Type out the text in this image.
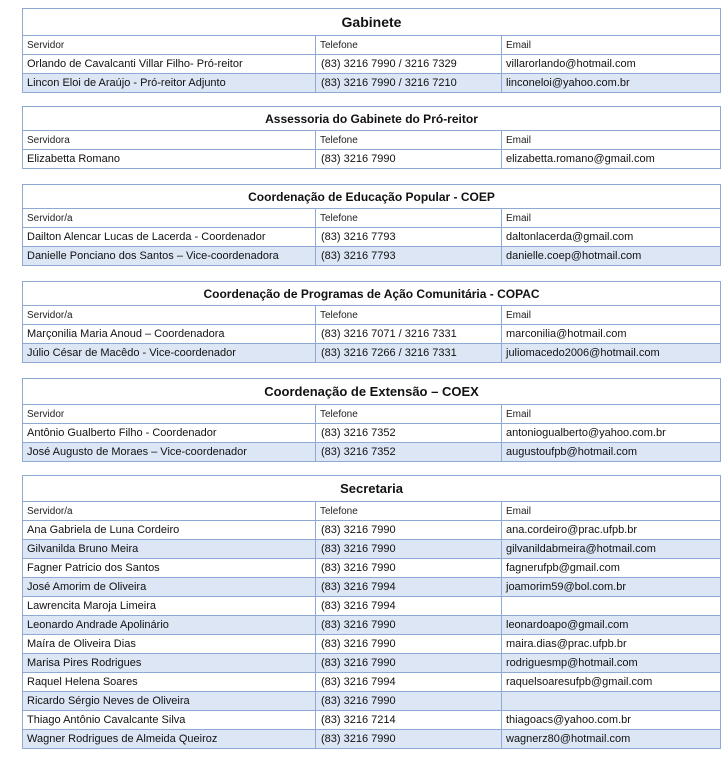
Gabinete		
Servidor	Telefone	Email
Orlando de Cavalcanti Villar Filho- Pró-reitor	(83) 3216 7990 / 3216 7329	villarorlando@hotmail.com
Lincon Eloi de Araújo - Pró-reitor Adjunto	(83) 3216 7990 / 3216 7210	linconeloi@yahoo.com.br
Assessoria do Gabinete do Pró-reitor		
Servidora	Telefone	Email
Elizabetta Romano	(83) 3216 7990	elizabetta.romano@gmail.com
Coordenação de Educação Popular - COEP		
Servidor/a	Telefone	Email
Dailton Alencar Lucas de Lacerda - Coordenador	(83) 3216 7793	daltonlacerda@gmail.com
Danielle Ponciano dos Santos – Vice-coordenadora	(83) 3216 7793	danielle.coep@hotmail.com
Coordenação de Programas de Ação Comunitária - COPAC		
Servidor/a	Telefone	Email
Marçonilia Maria Anoud – Coordenadora	(83) 3216 7071 / 3216 7331	marconilia@hotmail.com
Júlio César de Macêdo - Vice-coordenador	(83) 3216 7266 / 3216 7331	juliomacedo2006@hotmail.com
Coordenação de Extensão – COEX		
Servidor	Telefone	Email
Antônio Gualberto Filho - Coordenador	(83) 3216 7352	antoniogualberto@yahoo.com.br
José Augusto de Moraes – Vice-coordenador	(83) 3216 7352	augustoufpb@hotmail.com
Secretaria		
Servidor/a	Telefone	Email
Ana Gabriela de Luna Cordeiro	(83) 3216 7990	ana.cordeiro@prac.ufpb.br
Gilvanilda Bruno Meira	(83) 3216 7990	gilvanildabmeira@hotmail.com
Fagner Patricio dos Santos	(83) 3216 7990	fagnerufpb@gmail.com
José Amorim de Oliveira	(83) 3216 7994	joamorim59@bol.com.br
Lawrencita Maroja Limeira	(83) 3216 7994	
Leonardo Andrade Apolinário	(83) 3216 7990	leonardoapo@gmail.com
Maíra de Oliveira Dias	(83) 3216 7990	maira.dias@prac.ufpb.br
Marisa Pires Rodrigues	(83) 3216 7990	rodriguesmp@hotmail.com
Raquel Helena Soares	(83) 3216 7994	raquelsoaresufpb@gmail.com
Ricardo Sérgio Neves de Oliveira	(83) 3216 7990	
Thiago Antônio Cavalcante Silva	(83) 3216 7214	thiagoacs@yahoo.com.br
Wagner Rodrigues de Almeida Queiroz	(83) 3216 7990	wagnerz80@hotmail.com
